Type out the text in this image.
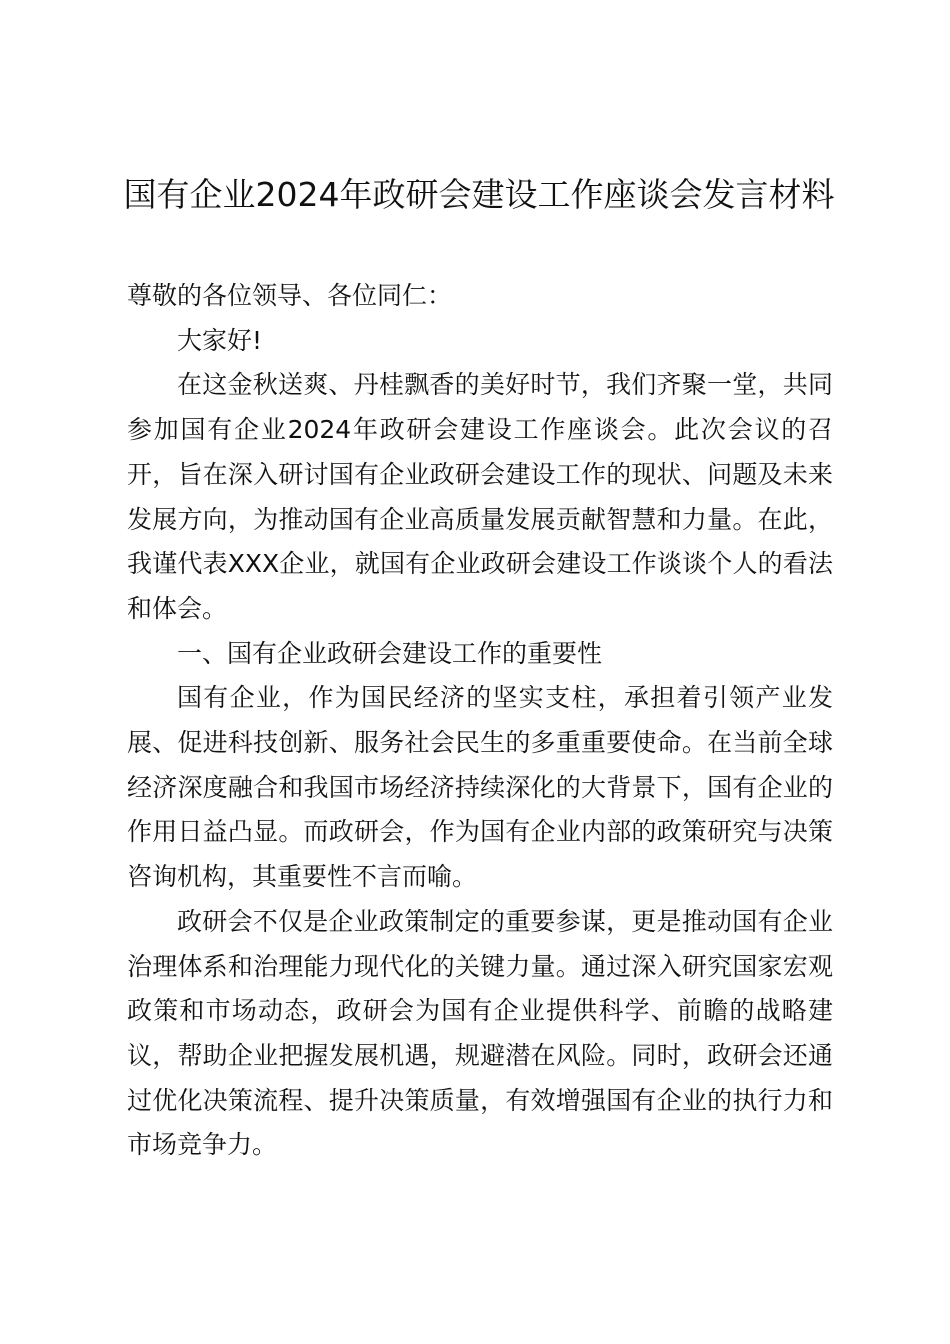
国有企业2024年政研会建设工作座谈会发言材料

尊敬的各位领导、各位同仁：

大家好!

在这金秋送爽、丹桂飘香的美好时节，我们齐聚一堂，共同参加国有企业2024年政研会建设工作座谈会。此次会议的召开，旨在深入研讨国有企业政研会建设工作的现状、问题及未来发展方向，为推动国有企业高质量发展贡献智慧和力量。在此，我谨代表XXX企业，就国有企业政研会建设工作谈谈个人的看法和体会。

一、国有企业政研会建设工作的重要性

国有企业，作为国民经济的坚实支柱，承担着引领产业发展、促进科技创新、服务社会民生的多重重要使命。在当前全球经济深度融合和我国市场经济持续深化的大背景下，国有企业的作用日益凸显。而政研会，作为国有企业内部的政策研究与决策咨询机构，其重要性不言而喻。

政研会不仅是企业政策制定的重要参谋，更是推动国有企业治理体系和治理能力现代化的关键力量。通过深入研究国家宏观政策和市场动态，政研会为国有企业提供科学、前瞻的战略建议，帮助企业把握发展机遇，规避潜在风险。同时，政研会还通过优化决策流程、提升决策质量，有效增强国有企业的执行力和市场竞争力。
